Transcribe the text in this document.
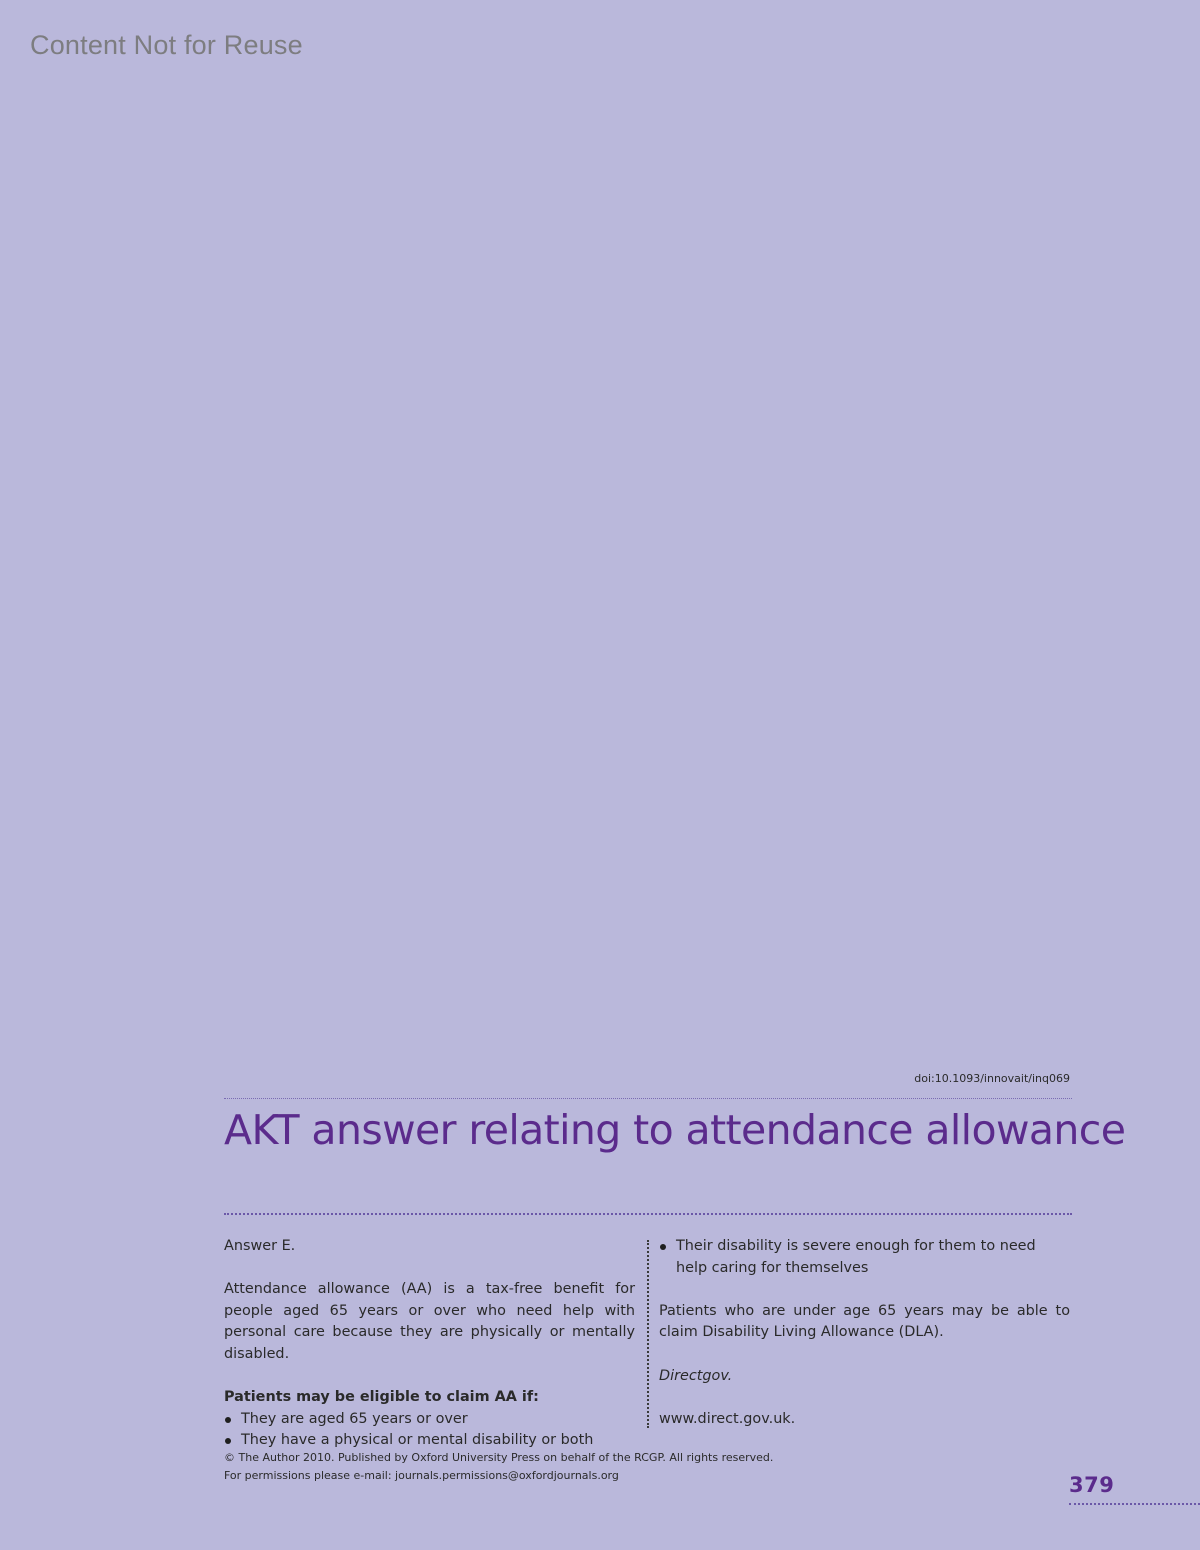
Content Not for Reuse
doi:10.1093/innovait/inq069
AKT answer relating to attendance allowance

Answer E.

Attendance allowance (AA) is a tax-free benefit for people aged 65 years or over who need help with personal care because they are physically or mentally disabled.

Patients may be eligible to claim AA if:

They are aged 65 years or over
They have a physical or mental disability or both
Their disability is severe enough for them to need help caring for themselves

Patients who are under age 65 years may be able to claim Disability Living Allowance (DLA).

Directgov.

www.direct.gov.uk.

© The Author 2010. Published by Oxford University Press on behalf of the RCGP. All rights reserved.
For permissions please e-mail: journals.permissions@oxfordjournals.org	379
